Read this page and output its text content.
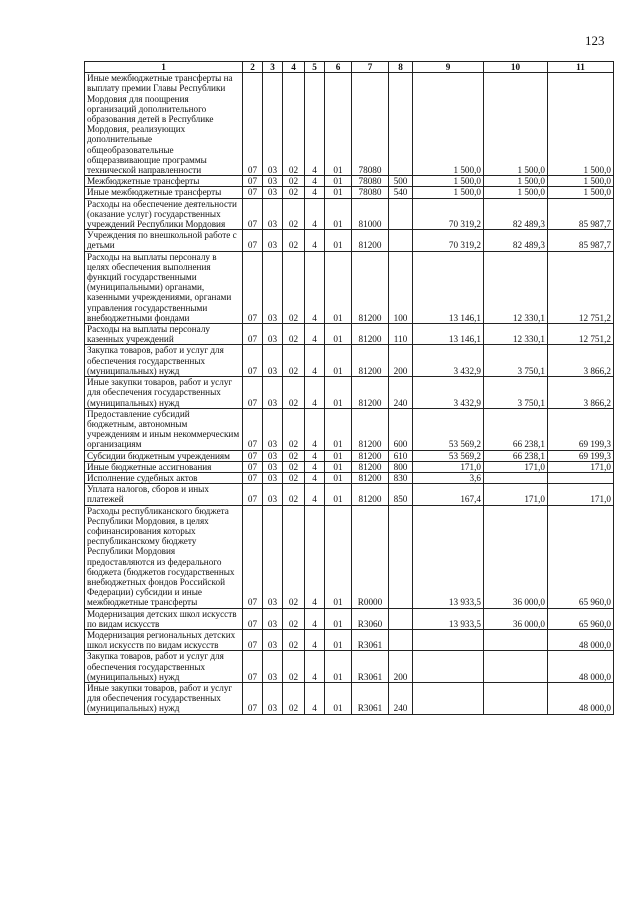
123
1	2	3	4	5	6	7	8	9	10	11
Иные межбюджетные трансферты на выплату премии Главы Республики Мордовия для поощрения организаций дополнительного образования детей в Республике Мордовия, реализующих дополнительные общеобразовательные общеразвивающие программы технической направленности	07	03	02	4	01	78080		1 500,0	1 500,0	1 500,0
Межбюджетные трансферты	07	03	02	4	01	78080	500	1 500,0	1 500,0	1 500,0
Иные межбюджетные трансферты	07	03	02	4	01	78080	540	1 500,0	1 500,0	1 500,0
Расходы на обеспечение деятельности (оказание услуг) государственных учреждений Республики Мордовия	07	03	02	4	01	81000		70 319,2	82 489,3	85 987,7
Учреждения по внешкольной работе с детьми	07	03	02	4	01	81200		70 319,2	82 489,3	85 987,7
Расходы на выплаты персоналу в целях обеспечения выполнения функций государственными (муниципальными) органами, казенными учреждениями, органами управления государственными внебюджетными фондами	07	03	02	4	01	81200	100	13 146,1	12 330,1	12 751,2
Расходы на выплаты персоналу казенных учреждений	07	03	02	4	01	81200	110	13 146,1	12 330,1	12 751,2
Закупка товаров, работ и услуг для обеспечения государственных (муниципальных) нужд	07	03	02	4	01	81200	200	3 432,9	3 750,1	3 866,2
Иные закупки товаров, работ и услуг для обеспечения государственных (муниципальных) нужд	07	03	02	4	01	81200	240	3 432,9	3 750,1	3 866,2
Предоставление субсидий бюджетным, автономным учреждениям и иным некоммерческим организациям	07	03	02	4	01	81200	600	53 569,2	66 238,1	69 199,3
Субсидии бюджетным учреждениям	07	03	02	4	01	81200	610	53 569,2	66 238,1	69 199,3
Иные бюджетные ассигнования	07	03	02	4	01	81200	800	171,0	171,0	171,0
Исполнение судебных актов	07	03	02	4	01	81200	830	3,6		
Уплата налогов, сборов и иных платежей	07	03	02	4	01	81200	850	167,4	171,0	171,0
Расходы республиканского бюджета Республики Мордовия, в целях софинансирования которых республиканскому бюджету Республики Мордовия предоставляются из федерального бюджета (бюджетов государственных внебюджетных фондов Российской Федерации) субсидии и иные межбюджетные трансферты	07	03	02	4	01	R0000		13 933,5	36 000,0	65 960,0
Модернизация детских школ искусств по видам искусств	07	03	02	4	01	R3060		13 933,5	36 000,0	65 960,0
Модернизация региональных детских школ искусств по видам искусств	07	03	02	4	01	R3061				48 000,0
Закупка товаров, работ и услуг для обеспечения государственных (муниципальных) нужд	07	03	02	4	01	R3061	200			48 000,0
Иные закупки товаров, работ и услуг для обеспечения государственных (муниципальных) нужд	07	03	02	4	01	R3061	240			48 000,0
